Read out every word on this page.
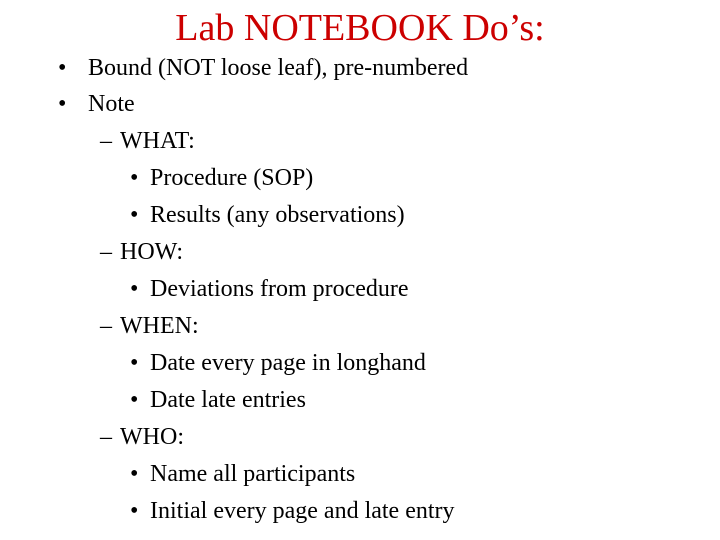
Lab NOTEBOOK Do’s:
• Bound (NOT loose leaf), pre-numbered
• Note
– WHAT:
• Procedure (SOP)
• Results (any observations)
– HOW:
• Deviations from procedure
– WHEN:
• Date every page in longhand
• Date late entries
– WHO:
• Name all participants
• Initial every page and late entry
